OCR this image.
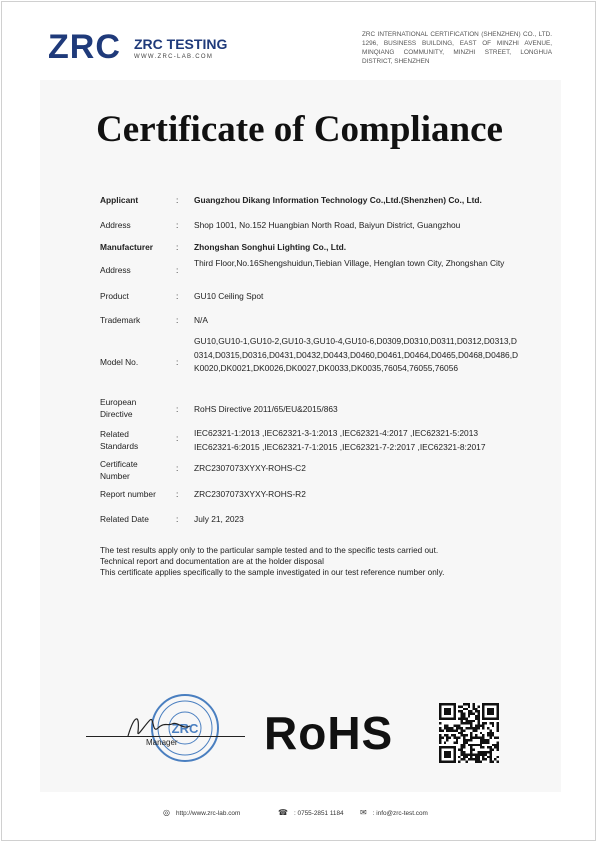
ZRC ZRC TESTING
WWW.ZRC-LAB.COM
ZRC INTERNATIONAL CERTIFICATION (SHENZHEN) CO., LTD. 1296, BUSINESS BUILDING, EAST OF MINZHI AVENUE, MINQIANG COMMUNITY, MINZHI STREET, LONGHUA DISTRICT, SHENZHEN
Certificate of Compliance
Applicant	: Guangzhou Dikang Information Technology Co.,Ltd.(Shenzhen) Co., Ltd.
Address	: Shop 1001, No.152 Huangbian North Road, Baiyun District, Guangzhou
Manufacturer	: Zhongshan Songhui Lighting Co., Ltd.
Address	:
Third Floor,No.16Shengshuidun,Tiebian Village, Henglan town City, Zhongshan City
Product	: GU10 Ceiling Spot
Trademark	: N/A
Model No.	:
GU10,GU10-1,GU10-2,GU10-3,GU10-4,GU10-6,D0309,D0310,D0311,D0312,D0313,D0314,D0315,D0316,D0431,D0432,D0443,D0460,D0461,D0464,D0465,D0468,D0486,DK0020,DK0021,DK0026,DK0027,DK0033,DK0035,76054,76055,76056
European Directive	: RoHS Directive 2011/65/EU&2015/863
Related Standards
: IEC62321-1:2013 ,IEC62321-3-1:2013 ,IEC62321-4:2017 ,IEC62321-5:2013 IEC62321-6:2015 ,IEC62321-7-1:2015 ,IEC62321-7-2:2017 ,IEC62321-8:2017
Certificate Number
: ZRC2307073XYXY-ROHS-C2
Report number	: ZRC2307073XYXY-ROHS-R2
Related Date	: July 21, 2023
The test results apply only to the particular sample tested and to the specific tests carried out.
Technical report and documentation are at the holder disposal
This certificate applies specifically to the sample investigated in our test reference number only.
ZRC
Manager RoHS
◎ http://www.zrc-lab.com	☎ : 0755-2851 1184 ✉ : info@zrc-test.com
